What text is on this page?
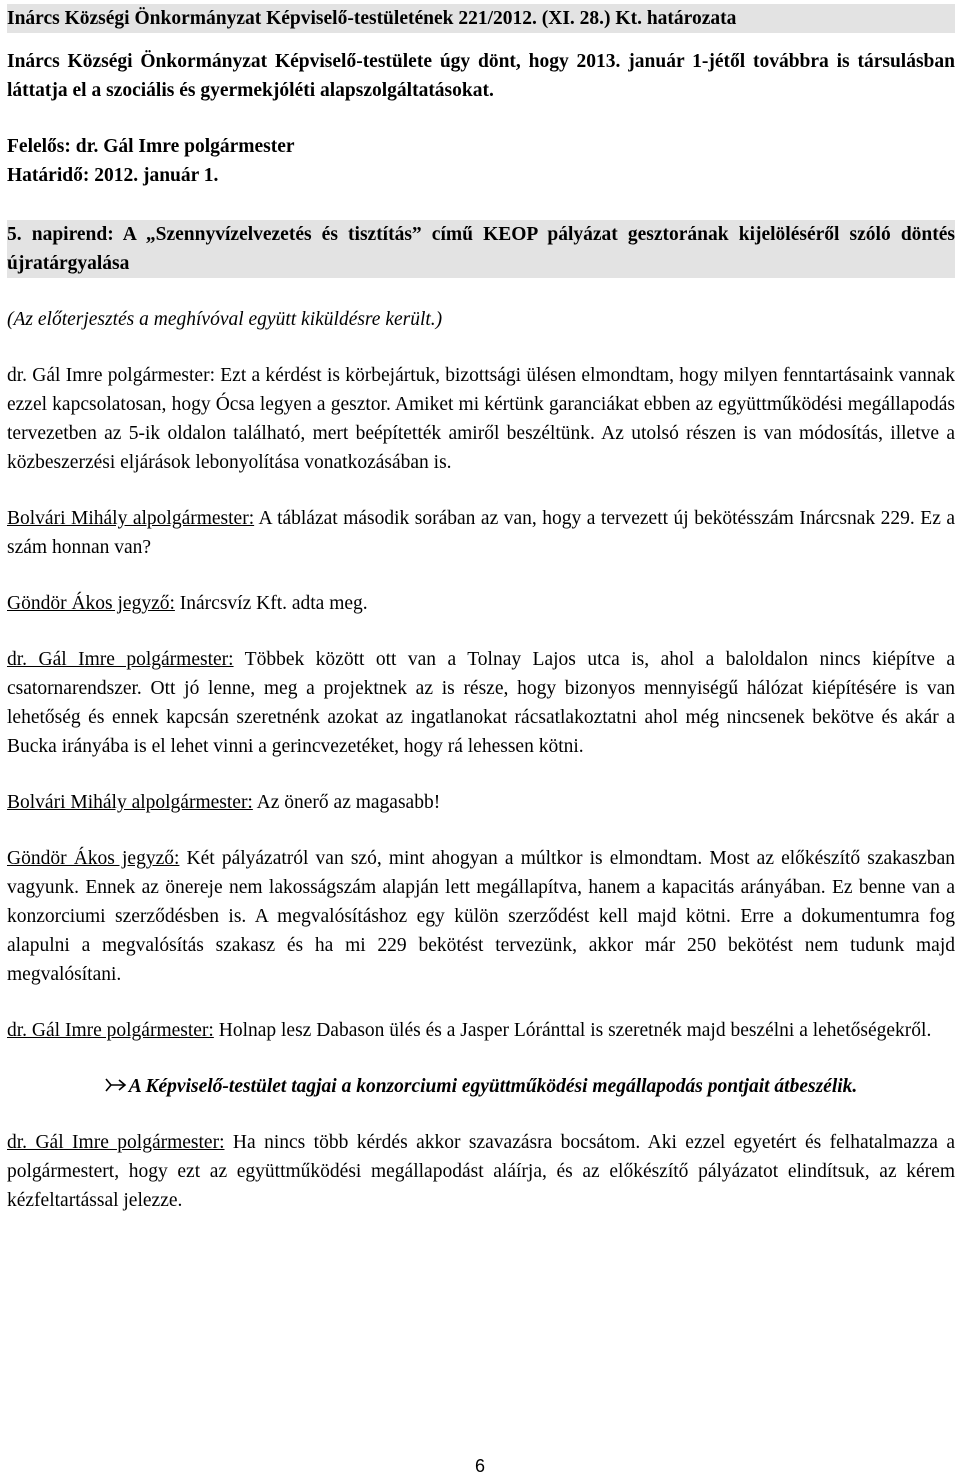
Inárcs Községi Önkormányzat Képviselő-testületének 221/2012. (XI. 28.) Kt. határozata

Inárcs Községi Önkormányzat Képviselő-testülete úgy dönt, hogy 2013. január 1-jétől továbbra is társulásban láttatja el a szociális és gyermekjóléti alapszolgáltatásokat.

Felelős: dr. Gál Imre polgármester

Határidő: 2012. január 1.

5. napirend: A „Szennyvízelvezetés és tisztítás” című KEOP pályázat gesztorának kijelöléséről szóló döntés újratárgyalása

(Az előterjesztés a meghívóval együtt kiküldésre került.)

dr. Gál Imre polgármester: Ezt a kérdést is körbejártuk, bizottsági ülésen elmondtam, hogy milyen fenntartásaink vannak ezzel kapcsolatosan, hogy Ócsa legyen a gesztor. Amiket mi kértünk garanciákat ebben az együttműködési megállapodás tervezetben az 5-ik oldalon található, mert beépítették amiről beszéltünk. Az utolsó részen is van módosítás, illetve a közbeszerzési eljárások lebonyolítása vonatkozásában is.

Bolvári Mihály alpolgármester: A táblázat második sorában az van, hogy a tervezett új bekötésszám Inárcsnak 229. Ez a szám honnan van?

Göndör Ákos jegyző: Inárcsvíz Kft. adta meg.

dr. Gál Imre polgármester: Többek között ott van a Tolnay Lajos utca is, ahol a baloldalon nincs kiépítve a csatornarendszer. Ott jó lenne, meg a projektnek az is része, hogy bizonyos mennyiségű hálózat kiépítésére is van lehetőség és ennek kapcsán szeretnénk azokat az ingatlanokat rácsatlakoztatni ahol még nincsenek bekötve és akár a Bucka irányába is el lehet vinni a gerincvezetéket, hogy rá lehessen kötni.

Bolvári Mihály alpolgármester: Az önerő az magasabb!

Göndör Ákos jegyző: Két pályázatról van szó, mint ahogyan a múltkor is elmondtam. Most az előkészítő szakaszban vagyunk. Ennek az önereje nem lakosságszám alapján lett megállapítva, hanem a kapacitás arányában. Ez benne van a konzorciumi szerződésben is. A megvalósításhoz egy külön szerződést kell majd kötni. Erre a dokumentumra fog alapulni a megvalósítás szakasz és ha mi 229 bekötést tervezünk, akkor már 250 bekötést nem tudunk majd megvalósítani.

dr. Gál Imre polgármester: Holnap lesz Dabason ülés és a Jasper Lóránttal is szeretnék majd beszélni a lehetőségekről.

A Képviselő-testület tagjai a konzorciumi együttműködési megállapodás pontjait átbeszélik.

dr. Gál Imre polgármester: Ha nincs több kérdés akkor szavazásra bocsátom. Aki ezzel egyetért és felhatalmazza a polgármestert, hogy ezt az együttműködési megállapodást aláírja, és az előkészítő pályázatot elindítsuk, az kérem kézfeltartással jelezze.

6
